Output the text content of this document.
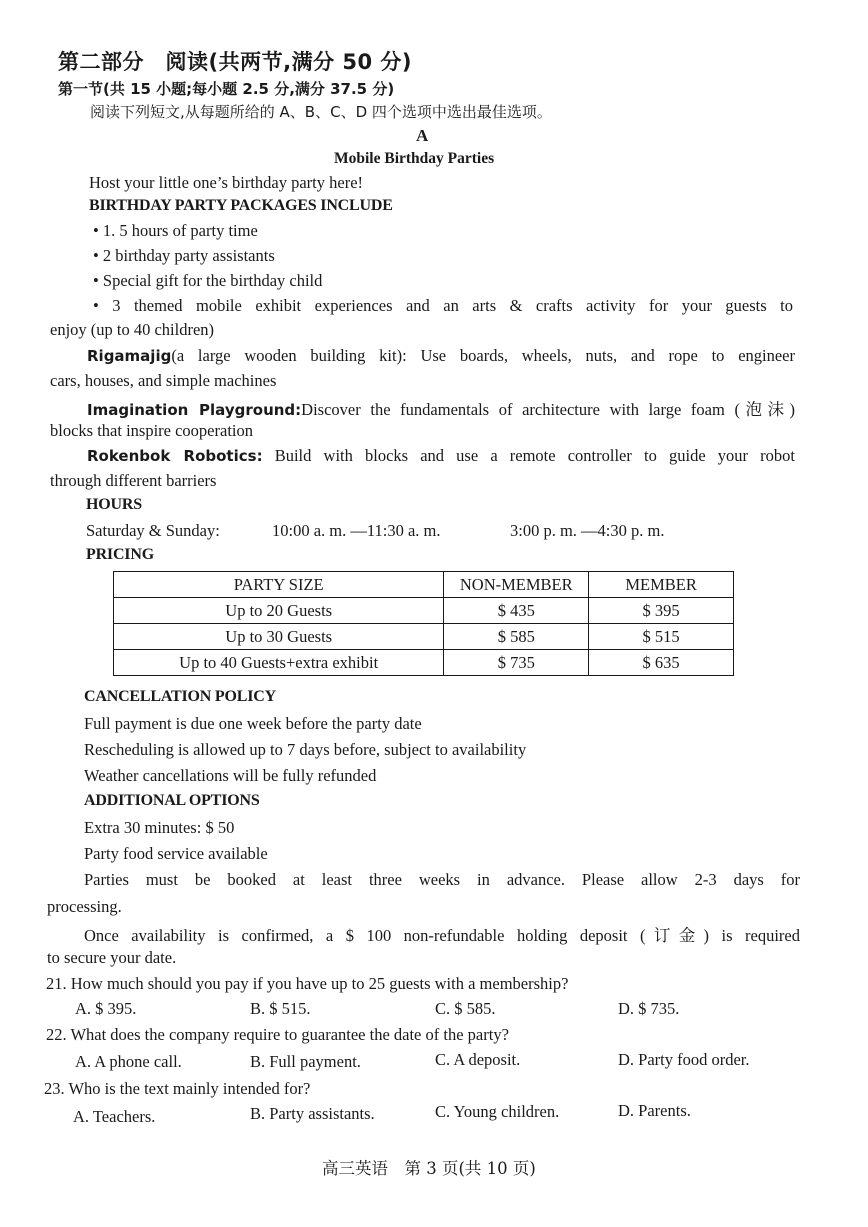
第二部分　阅读(共两节,满分 50 分)
第一节(共 15 小题;每小题 2.5 分,满分 37.5 分)
阅读下列短文,从每题所给的 A、B、C、D 四个选项中选出最佳选项。
A
Mobile Birthday Parties
Host your little one’s birthday party here!
BIRTHDAY PARTY PACKAGES INCLUDE
• 1. 5 hours of party time
• 2 birthday party assistants
• Special gift for the birthday child
• 3 themed mobile exhibit experiences and an arts & crafts activity for your guests to
enjoy (up to 40 children)
Rigamajig(a large wooden building kit): Use boards, wheels, nuts, and rope to engineer
cars, houses, and simple machines
Imagination Playground:Discover the fundamentals of architecture with large foam (泡沫)
blocks that inspire cooperation
Rokenbok Robotics: Build with blocks and use a remote controller to guide your robot
through different barriers
HOURS
Saturday & Sunday:	10:00 a. m. —11:30 a. m.	3:00 p. m. —4:30 p. m.
PRICING
PARTY SIZE	NON-MEMBER	MEMBER
Up to 20 Guests	$ 435	$ 395
Up to 30 Guests	$ 585	$ 515
Up to 40 Guests+extra exhibit	$ 735	$ 635
CANCELLATION POLICY
Full payment is due one week before the party date
Rescheduling is allowed up to 7 days before, subject to availability
Weather cancellations will be fully refunded
ADDITIONAL OPTIONS
Extra 30 minutes: $ 50
Party food service available
Parties must be booked at least three weeks in advance. Please allow 2-3 days for
processing.
Once availability is confirmed, a $ 100 non-refundable holding deposit (订金) is required
to secure your date.
21. How much should you pay if you have up to 25 guests with a membership?
A. $ 395.	B. $ 515.	C. $ 585.	D. $ 735.
22. What does the company require to guarantee the date of the party?
A. A phone call.	B. Full payment.	C. A deposit.	D. Party food order.
23. Who is the text mainly intended for?
A. Teachers.	B. Party assistants.	C. Young children.	D. Parents.
高三英语　第 3 页(共 10 页)
